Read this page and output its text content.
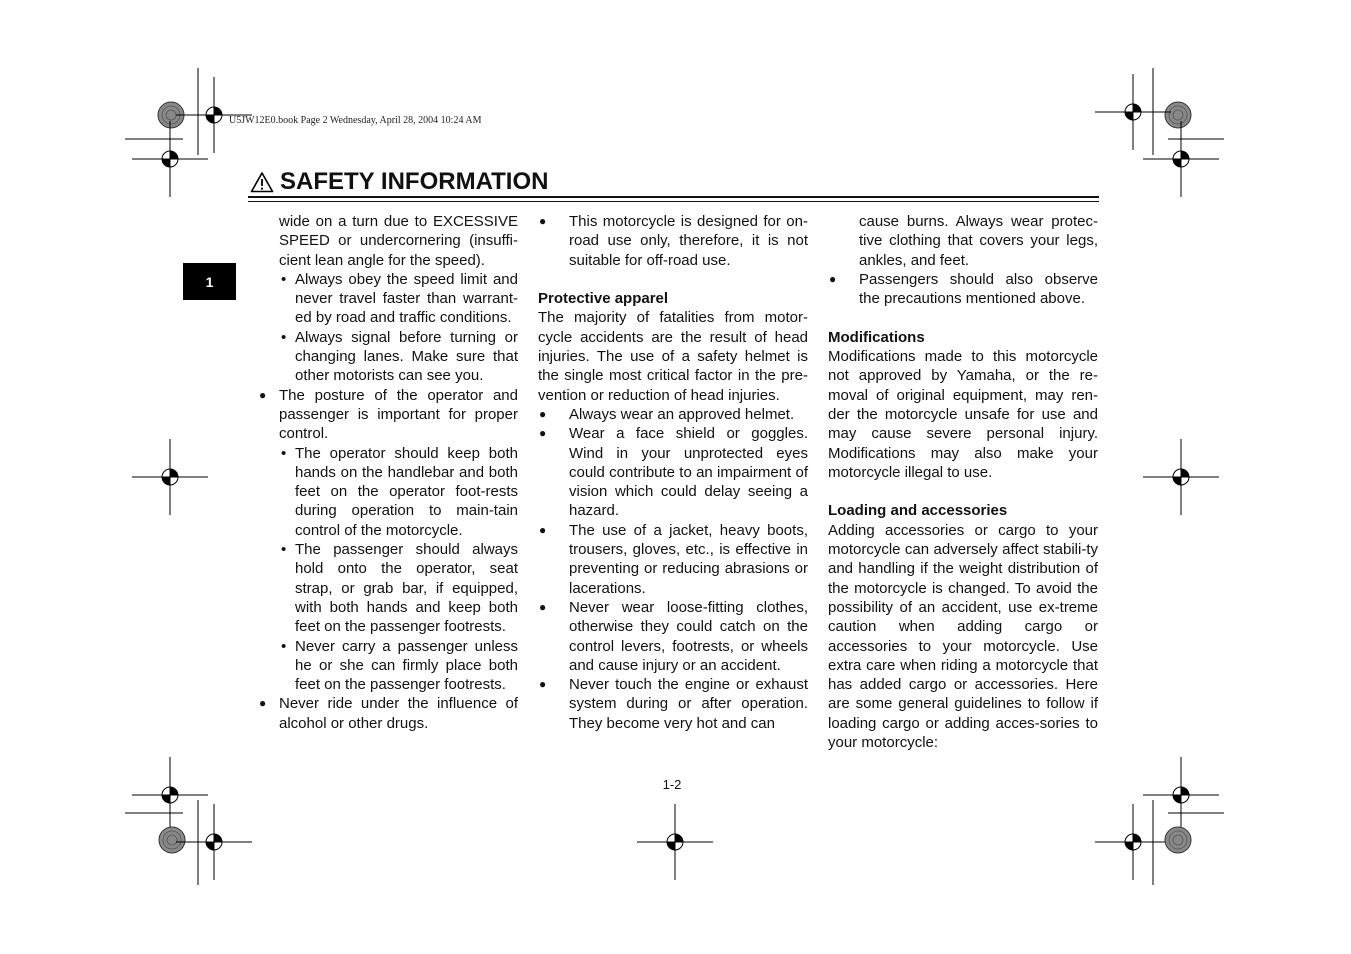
U5JW12E0.book Page 2 Wednesday, April 28, 2004 10:24 AM
SAFETY INFORMATION
1

wide on a turn due to EXCESSIVE SPEED or undercornering (insuffi-cient lean angle for the speed).

• Always obey the speed limit and never travel faster than warrant-ed by road and traffic conditions.

• Always signal before turning or changing lanes. Make sure that other motorists can see you.

● The posture of the operator and passenger is important for proper control.

• The operator should keep both hands on the handlebar and both feet on the operator foot-rests during operation to main-tain control of the motorcycle.

• The passenger should always hold onto the operator, seat strap, or grab bar, if equipped, with both hands and keep both feet on the passenger footrests.

• Never carry a passenger unless he or she can firmly place both feet on the passenger footrests.

● Never ride under the influence of alcohol or other drugs.

● This motorcycle is designed for on-road use only, therefore, it is not suitable for off-road use.

Protective apparel

The majority of fatalities from motor-cycle accidents are the result of head injuries. The use of a safety helmet is the single most critical factor in the pre-vention or reduction of head injuries.

● Always wear an approved helmet.

● Wear a face shield or goggles. Wind in your unprotected eyes could contribute to an impairment of vision which could delay seeing a hazard.

● The use of a jacket, heavy boots, trousers, gloves, etc., is effective in preventing or reducing abrasions or lacerations.

● Never wear loose-fitting clothes, otherwise they could catch on the control levers, footrests, or wheels and cause injury or an accident.

● Never touch the engine or exhaust system during or after operation. They become very hot and can

cause burns. Always wear protec-tive clothing that covers your legs, ankles, and feet.

● Passengers should also observe the precautions mentioned above.

Modifications

Modifications made to this motorcycle not approved by Yamaha, or the re-moval of original equipment, may ren-der the motorcycle unsafe for use and may cause severe personal injury. Modifications may also make your motorcycle illegal to use.

Loading and accessories

Adding accessories or cargo to your motorcycle can adversely affect stabili-ty and handling if the weight distribution of the motorcycle is changed. To avoid the possibility of an accident, use ex-treme caution when adding cargo or accessories to your motorcycle. Use extra care when riding a motorcycle that has added cargo or accessories. Here are some general guidelines to follow if loading cargo or adding acces-sories to your motorcycle:

1-2
